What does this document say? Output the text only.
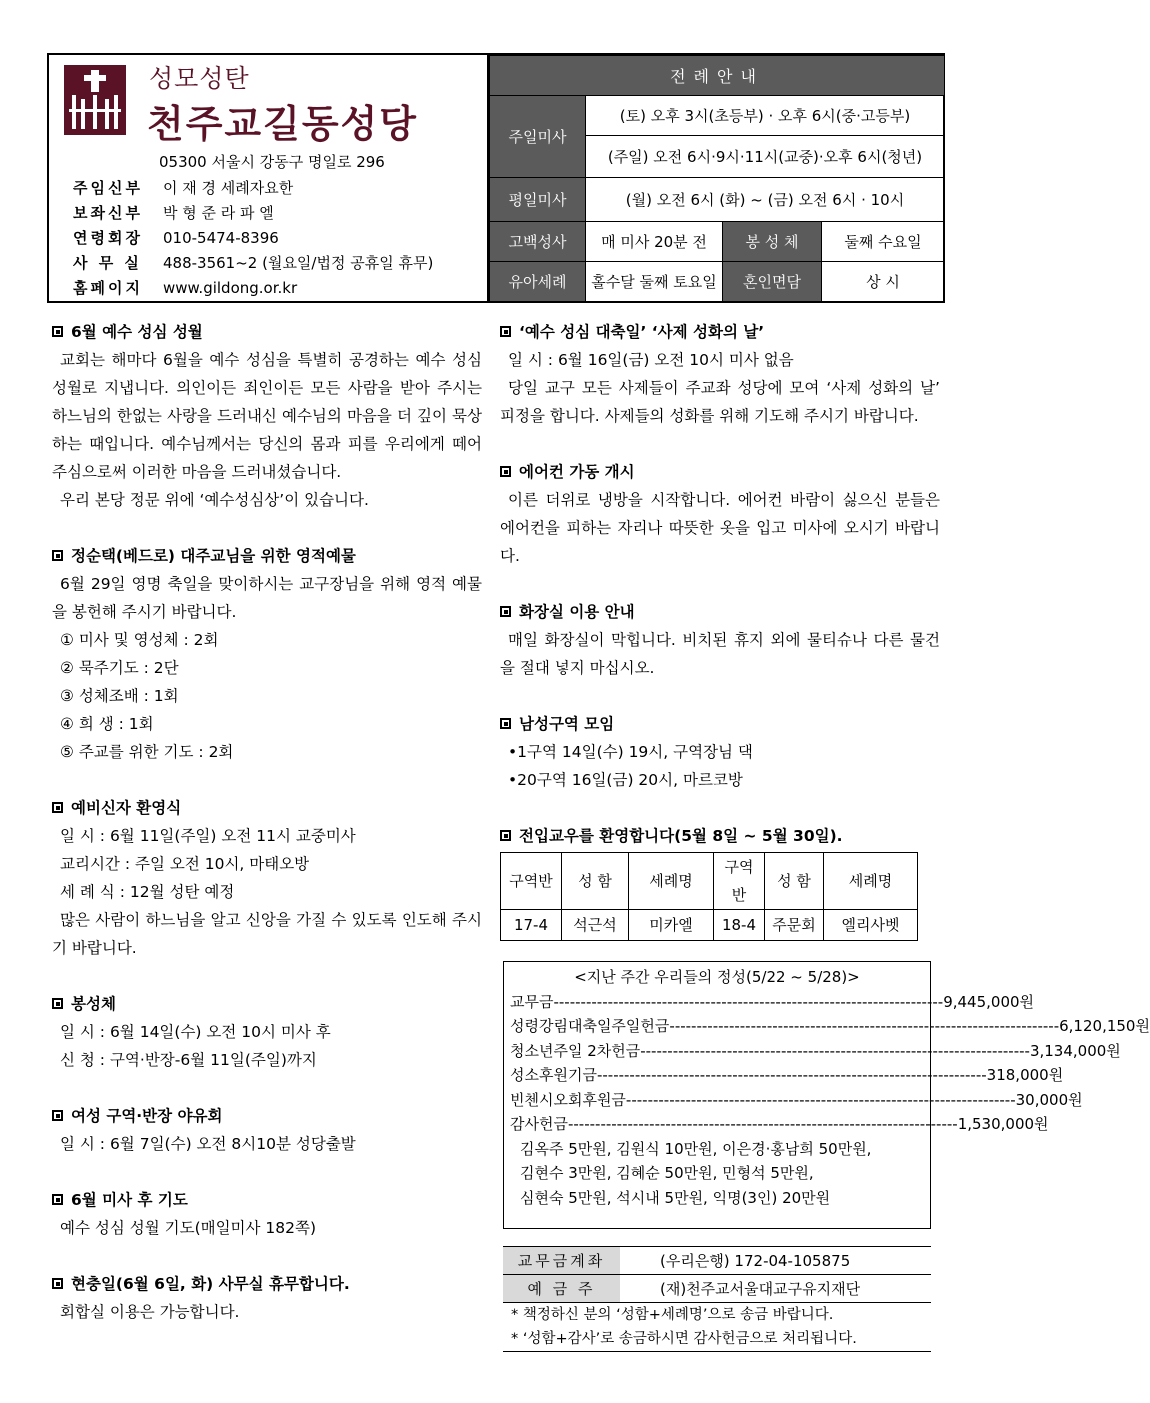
성모성탄
천주교길동성당
05300 서울시 강동구 명일로 296
주임신부	이 재 경 세례자요한
보좌신부	박 형 준 라 파 엘
연령회장	010-5474-8396
사 무 실	488-3561~2 (월요일/법정 공휴일 휴무)
홈페이지	www.gildong.or.kr
전례안내			
주일미사	(토) 오후 3시(초등부) · 오후 6시(중·고등부)		
	(주일) 오전 6시·9시·11시(교중)·오후 6시(청년)		
평일미사	(월) 오전 6시 (화) ~ (금) 오전 6시 · 10시		
고백성사	매 미사 20분 전	봉 성 체	둘째 수요일
유아세례	홀수달 둘째 토요일	혼인면담	상 시
6월 예수 성심 성월
교회는 해마다 6월을 예수 성심을 특별히 공경하는 예수 성심 성월로 지냅니다. 의인이든 죄인이든 모든 사람을 받아 주시는 하느님의 한없는 사랑을 드러내신 예수님의 마음을 더 깊이 묵상하는 때입니다. 예수님께서는 당신의 몸과 피를 우리에게 떼어 주심으로써 이러한 마음을 드러내셨습니다.
우리 본당 정문 위에 ‘예수성심상’이 있습니다.
정순택(베드로) 대주교님을 위한 영적예물
6월 29일 영명 축일을 맞이하시는 교구장님을 위해 영적 예물을 봉헌해 주시기 바랍니다.
① 미사 및 영성체 : 2회
② 묵주기도 : 2단
③ 성체조배 : 1회
④ 희 생 : 1회
⑤ 주교를 위한 기도 : 2회
예비신자 환영식
일 시 : 6월 11일(주일) 오전 11시 교중미사
교리시간 : 주일 오전 10시, 마태오방
세 례 식 : 12월 성탄 예정
많은 사람이 하느님을 알고 신앙을 가질 수 있도록 인도해 주시기 바랍니다.
봉성체
일 시 : 6월 14일(수) 오전 10시 미사 후
신 청 : 구역·반장-6월 11일(주일)까지
여성 구역·반장 야유회
일 시 : 6월 7일(수) 오전 8시10분 성당출발
6월 미사 후 기도
예수 성심 성월 기도(매일미사 182쪽)
현충일(6월 6일, 화) 사무실 휴무합니다.
회합실 이용은 가능합니다.
‘예수 성심 대축일’ ‘사제 성화의 날’
일 시 : 6월 16일(금) 오전 10시 미사 없음
당일 교구 모든 사제들이 주교좌 성당에 모여 ‘사제 성화의 날’ 피정을 합니다. 사제들의 성화를 위해 기도해 주시기 바랍니다.
에어컨 가동 개시
이른 더위로 냉방을 시작합니다. 에어컨 바람이 싫으신 분들은 에어컨을 피하는 자리나 따뜻한 옷을 입고 미사에 오시기 바랍니다.
화장실 이용 안내
매일 화장실이 막힙니다. 비치된 휴지 외에 물티슈나 다른 물건을 절대 넣지 마십시오.
남성구역 모임
•1구역 14일(수) 19시, 구역장님 댁
•20구역 16일(금) 20시, 마르코방
전입교우를 환영합니다(5월 8일 ~ 5월 30일).
구역반	성 함	세례명	구역반	성 함	세례명
17-4	석근석	미카엘	18-4	주문회	엘리사벳
<지난 주간 우리들의 정성(5/22 ~ 5/28)>
교무금 ------------------------------------------------------------------------ 9,445,000원
성령강림대축일주일헌금 ------------------------------------------------------------------------ 6,120,150원
청소년주일 2차헌금 ------------------------------------------------------------------------ 3,134,000원
성소후원기금 ------------------------------------------------------------------------ 318,000원
빈첸시오회후원금 ------------------------------------------------------------------------ 30,000원
감사헌금 ------------------------------------------------------------------------ 1,530,000원
김옥주 5만원, 김원식 10만원, 이은경·홍남희 50만원,
김현수 3만원, 김혜순 50만원, 민형석 5만원,
심현숙 5만원, 석시내 5만원, 익명(3인) 20만원
교무금계좌	(우리은행) 172-04-105875
예 금 주	(재)천주교서울대교구유지재단
* 책정하신 분의 ‘성함+세례명’으로 송금 바랍니다.
* ‘성함+감사’로 송금하시면 감사헌금으로 처리됩니다.
